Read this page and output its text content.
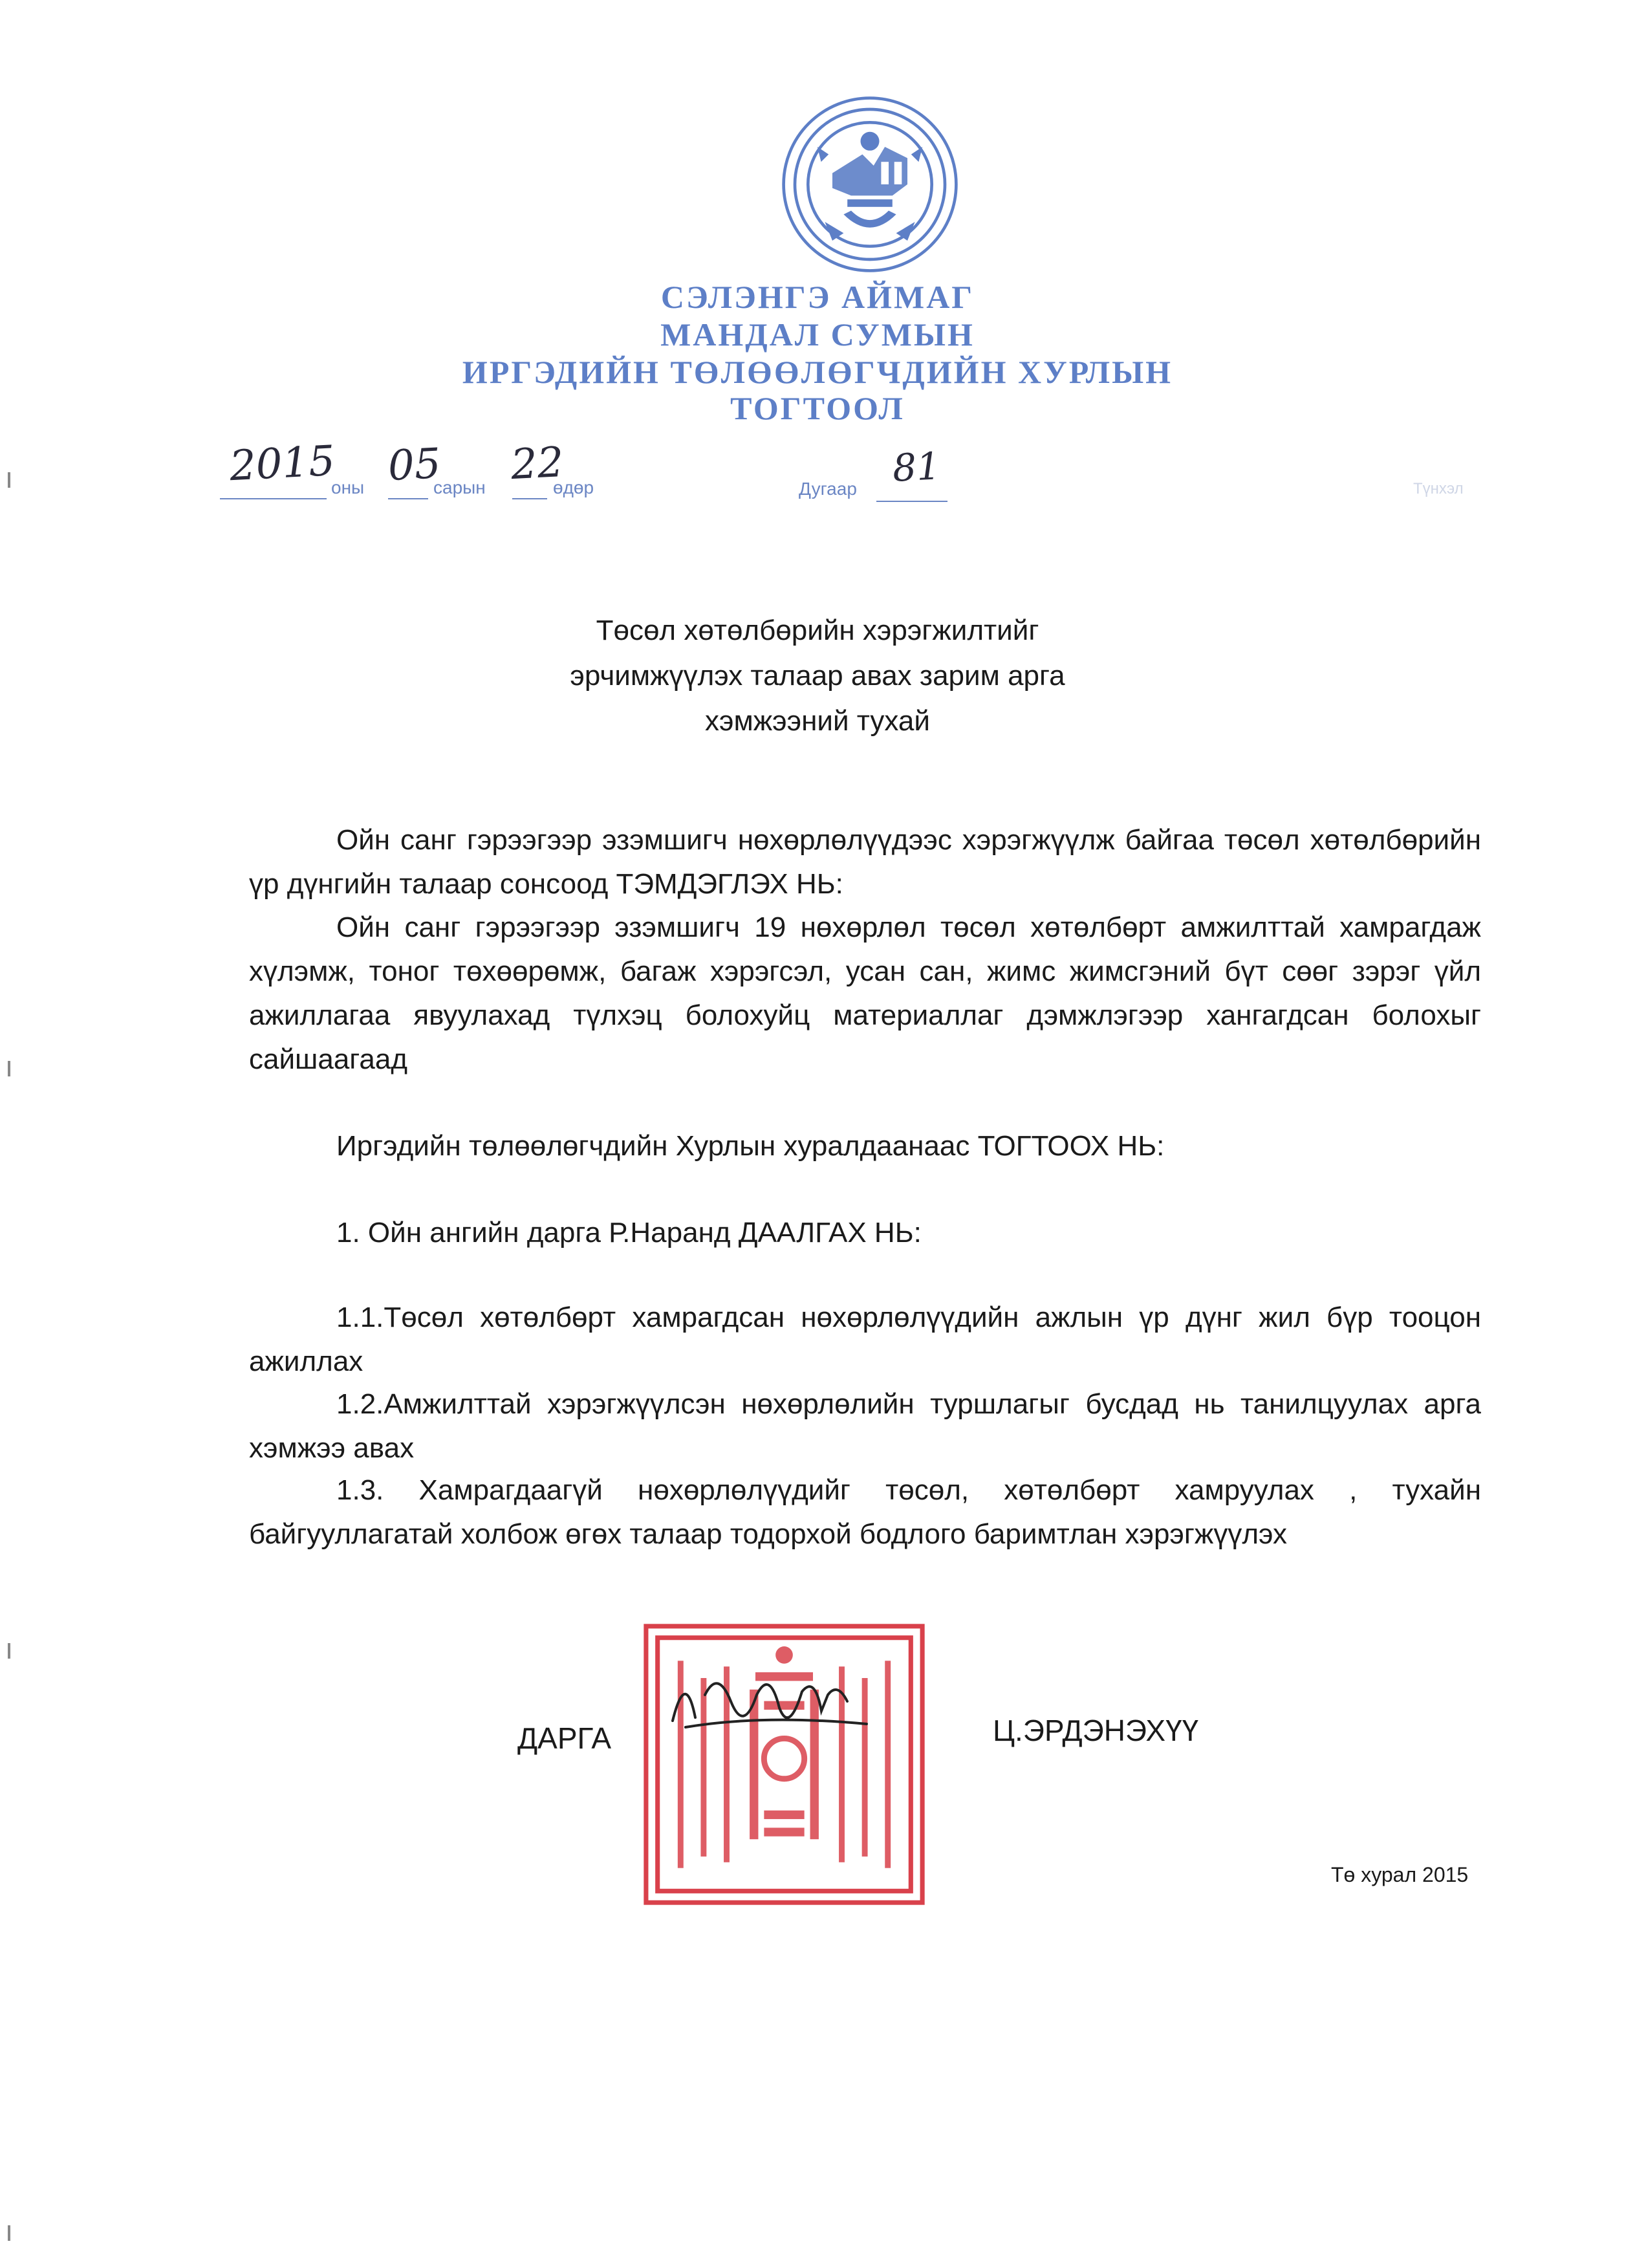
СЭЛЭНГЭ АЙМАГ
МАНДАЛ СУМЫН
ИРГЭДИЙН ТӨЛӨӨЛӨГЧДИЙН ХУРЛЫН
ТОГТООЛ
2015
оны 05
сарын 22
өдөр	Дугаар 81	Түнхэл
Төсөл хөтөлбөрийн хэрэгжилтийг
эрчимжүүлэх талаар авах зарим арга
хэмжээний тухай
Ойн санг гэрээгээр эзэмшигч нөхөрлөлүүдээс хэрэгжүүлж байгаа төсөл хөтөлбөрийн үр дүнгийн талаар сонсоод ТЭМДЭГЛЭХ НЬ:
Ойн санг гэрээгээр эзэмшигч 19 нөхөрлөл төсөл хөтөлбөрт амжилттай хамрагдаж хүлэмж, тоног төхөөрөмж, багаж хэрэгсэл, усан сан, жимс жимсгэний бүт сөөг зэрэг үйл ажиллагаа явуулахад түлхэц болохуйц материаллаг дэмжлэгээр хангагдсан болохыг сайшаагаад
Иргэдийн төлөөлөгчдийн Хурлын хуралдаанаас ТОГТООХ НЬ:
1. Ойн ангийн дарга Р.Наранд ДААЛГАХ НЬ:
1.1.Төсөл хөтөлбөрт хамрагдсан нөхөрлөлүүдийн ажлын үр дүнг жил бүр тооцон ажиллах
1.2.Амжилттай хэрэгжүүлсэн нөхөрлөлийн туршлагыг бусдад нь танилцуулах арга хэмжээ авах
1.3. Хамрагдаагүй нөхөрлөлүүдийг төсөл, хөтөлбөрт хамруулах , тухайн байгууллагатай холбож өгөх талаар тодорхой бодлого баримтлан хэрэгжүүлэх
ДАРГА	Ц.ЭРДЭНЭХҮҮ
Тө хурал 2015
